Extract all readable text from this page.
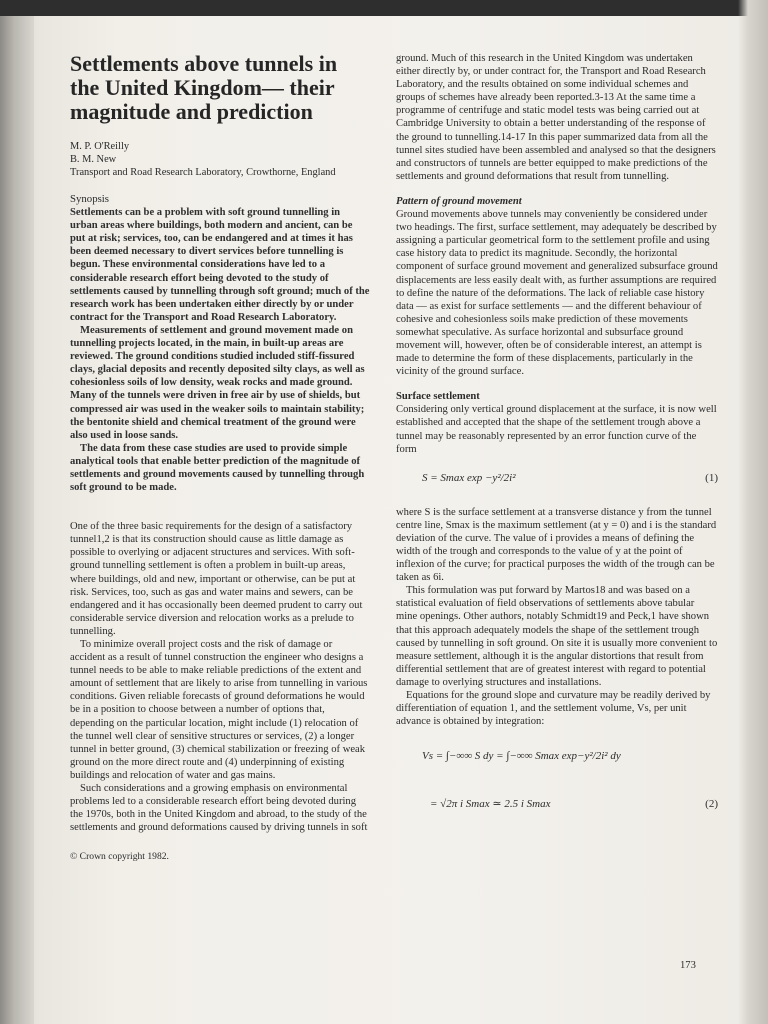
Settlements above tunnels in the United Kingdom— their magnitude and prediction

M. P. O'Reilly

B. M. New

Transport and Road Research Laboratory, Crowthorne, England

Synopsis

Settlements can be a problem with soft ground tunnelling in urban areas where buildings, both modern and ancient, can be put at risk; services, too, can be endangered and at times it has been deemed necessary to divert services before tunnelling is begun. These environmental considerations have led to a considerable research effort being devoted to the study of settlements caused by tunnelling through soft ground; much of the research work has been undertaken either directly by or under contract for the Transport and Road Research Laboratory.

Measurements of settlement and ground movement made on tunnelling projects located, in the main, in built-up areas are reviewed. The ground conditions studied included stiff-fissured clays, glacial deposits and recently deposited silty clays, as well as cohesionless soils of low density, weak rocks and made ground. Many of the tunnels were driven in free air by use of shields, but compressed air was used in the weaker soils to maintain stability; the bentonite shield and chemical treatment of the ground were also used in loose sands.

The data from these case studies are used to provide simple analytical tools that enable better prediction of the magnitude of settlements and ground movements caused by tunnelling through soft ground to be made.

One of the three basic requirements for the design of a satisfactory tunnel1,2 is that its construction should cause as little damage as possible to overlying or adjacent structures and services. With soft-ground tunnelling settlement is often a problem in built-up areas, where buildings, old and new, important or otherwise, can be put at risk. Services, too, such as gas and water mains and sewers, can be endangered and it has occasionally been deemed prudent to carry out considerable service diversion and relocation works as a prelude to tunnelling.

To minimize overall project costs and the risk of damage or accident as a result of tunnel construction the engineer who designs a tunnel needs to be able to make reliable predictions of the extent and amount of settlement that are likely to arise from tunnelling in various conditions. Given reliable forecasts of ground deformations he would be in a position to choose between a number of options that, depending on the particular location, might include (1) relocation of the tunnel well clear of sensitive structures or services, (2) a longer tunnel in better ground, (3) chemical stabilization or freezing of weak ground on the more direct route and (4) underpinning of existing buildings and relocation of water and gas mains.

Such considerations and a growing emphasis on environmental problems led to a considerable research effort being devoted during the 1970s, both in the United Kingdom and abroad, to the study of the settlements and ground deformations caused by driving tunnels in soft

© Crown copyright 1982.

ground. Much of this research in the United Kingdom was undertaken either directly by, or under contract for, the Transport and Road Research Laboratory, and the results obtained on some individual schemes and groups of schemes have already been reported.3-13 At the same time a programme of centrifuge and static model tests was being carried out at Cambridge University to obtain a better understanding of the response of the ground to tunnelling.14-17 In this paper summarized data from all the tunnel sites studied have been assembled and analysed so that the designers and constructors of tunnels are better equipped to make predictions of the settlements and ground deformations that result from tunnelling.

Pattern of ground movement

Ground movements above tunnels may conveniently be considered under two headings. The first, surface settlement, may adequately be described by assigning a particular geometrical form to the settlement profile and using case history data to predict its magnitude. Secondly, the horizontal component of surface ground movement and generalized subsurface ground displacements are less easily dealt with, as further assumptions are required to define the nature of the deformations. The lack of reliable case history data — as exist for surface settlements — and the different behaviour of cohesive and cohesionless soils make prediction of these movements somewhat speculative. As surface horizontal and subsurface ground movement will, however, often be of considerable interest, an attempt is made to determine the form of these displacements, particularly in the vicinity of the ground surface.

Surface settlement

Considering only vertical ground displacement at the surface, it is now well established and accepted that the shape of the settlement trough above a tunnel may be reasonably represented by an error function curve of the form

S = Smax exp −y²/2i²	(1)

where S is the surface settlement at a transverse distance y from the tunnel centre line, Smax is the maximum settlement (at y = 0) and i is the standard deviation of the curve. The value of i provides a means of defining the width of the trough and corresponds to the value of y at the point of inflexion of the curve; for practical purposes the width of the trough can be taken as 6i.

This formulation was put forward by Martos18 and was based on a statistical evaluation of field observations of settlements above tabular mine openings. Other authors, notably Schmidt19 and Peck,1 have shown that this approach adequately models the shape of the settlement trough caused by tunnelling in soft ground. On site it is usually more convenient to measure settlement, although it is the angular distortions that result from differential settlement that are of greatest interest with regard to potential damage to overlying structures and installations.

Equations for the ground slope and curvature may be readily derived by differentiation of equation 1, and the settlement volume, Vs, per unit advance is obtained by integration:

Vs = ∫−∞∞ S dy = ∫−∞∞ Smax exp−y²/2i² dy
= √2π i Smax ≃ 2.5 i Smax	(2)
173
